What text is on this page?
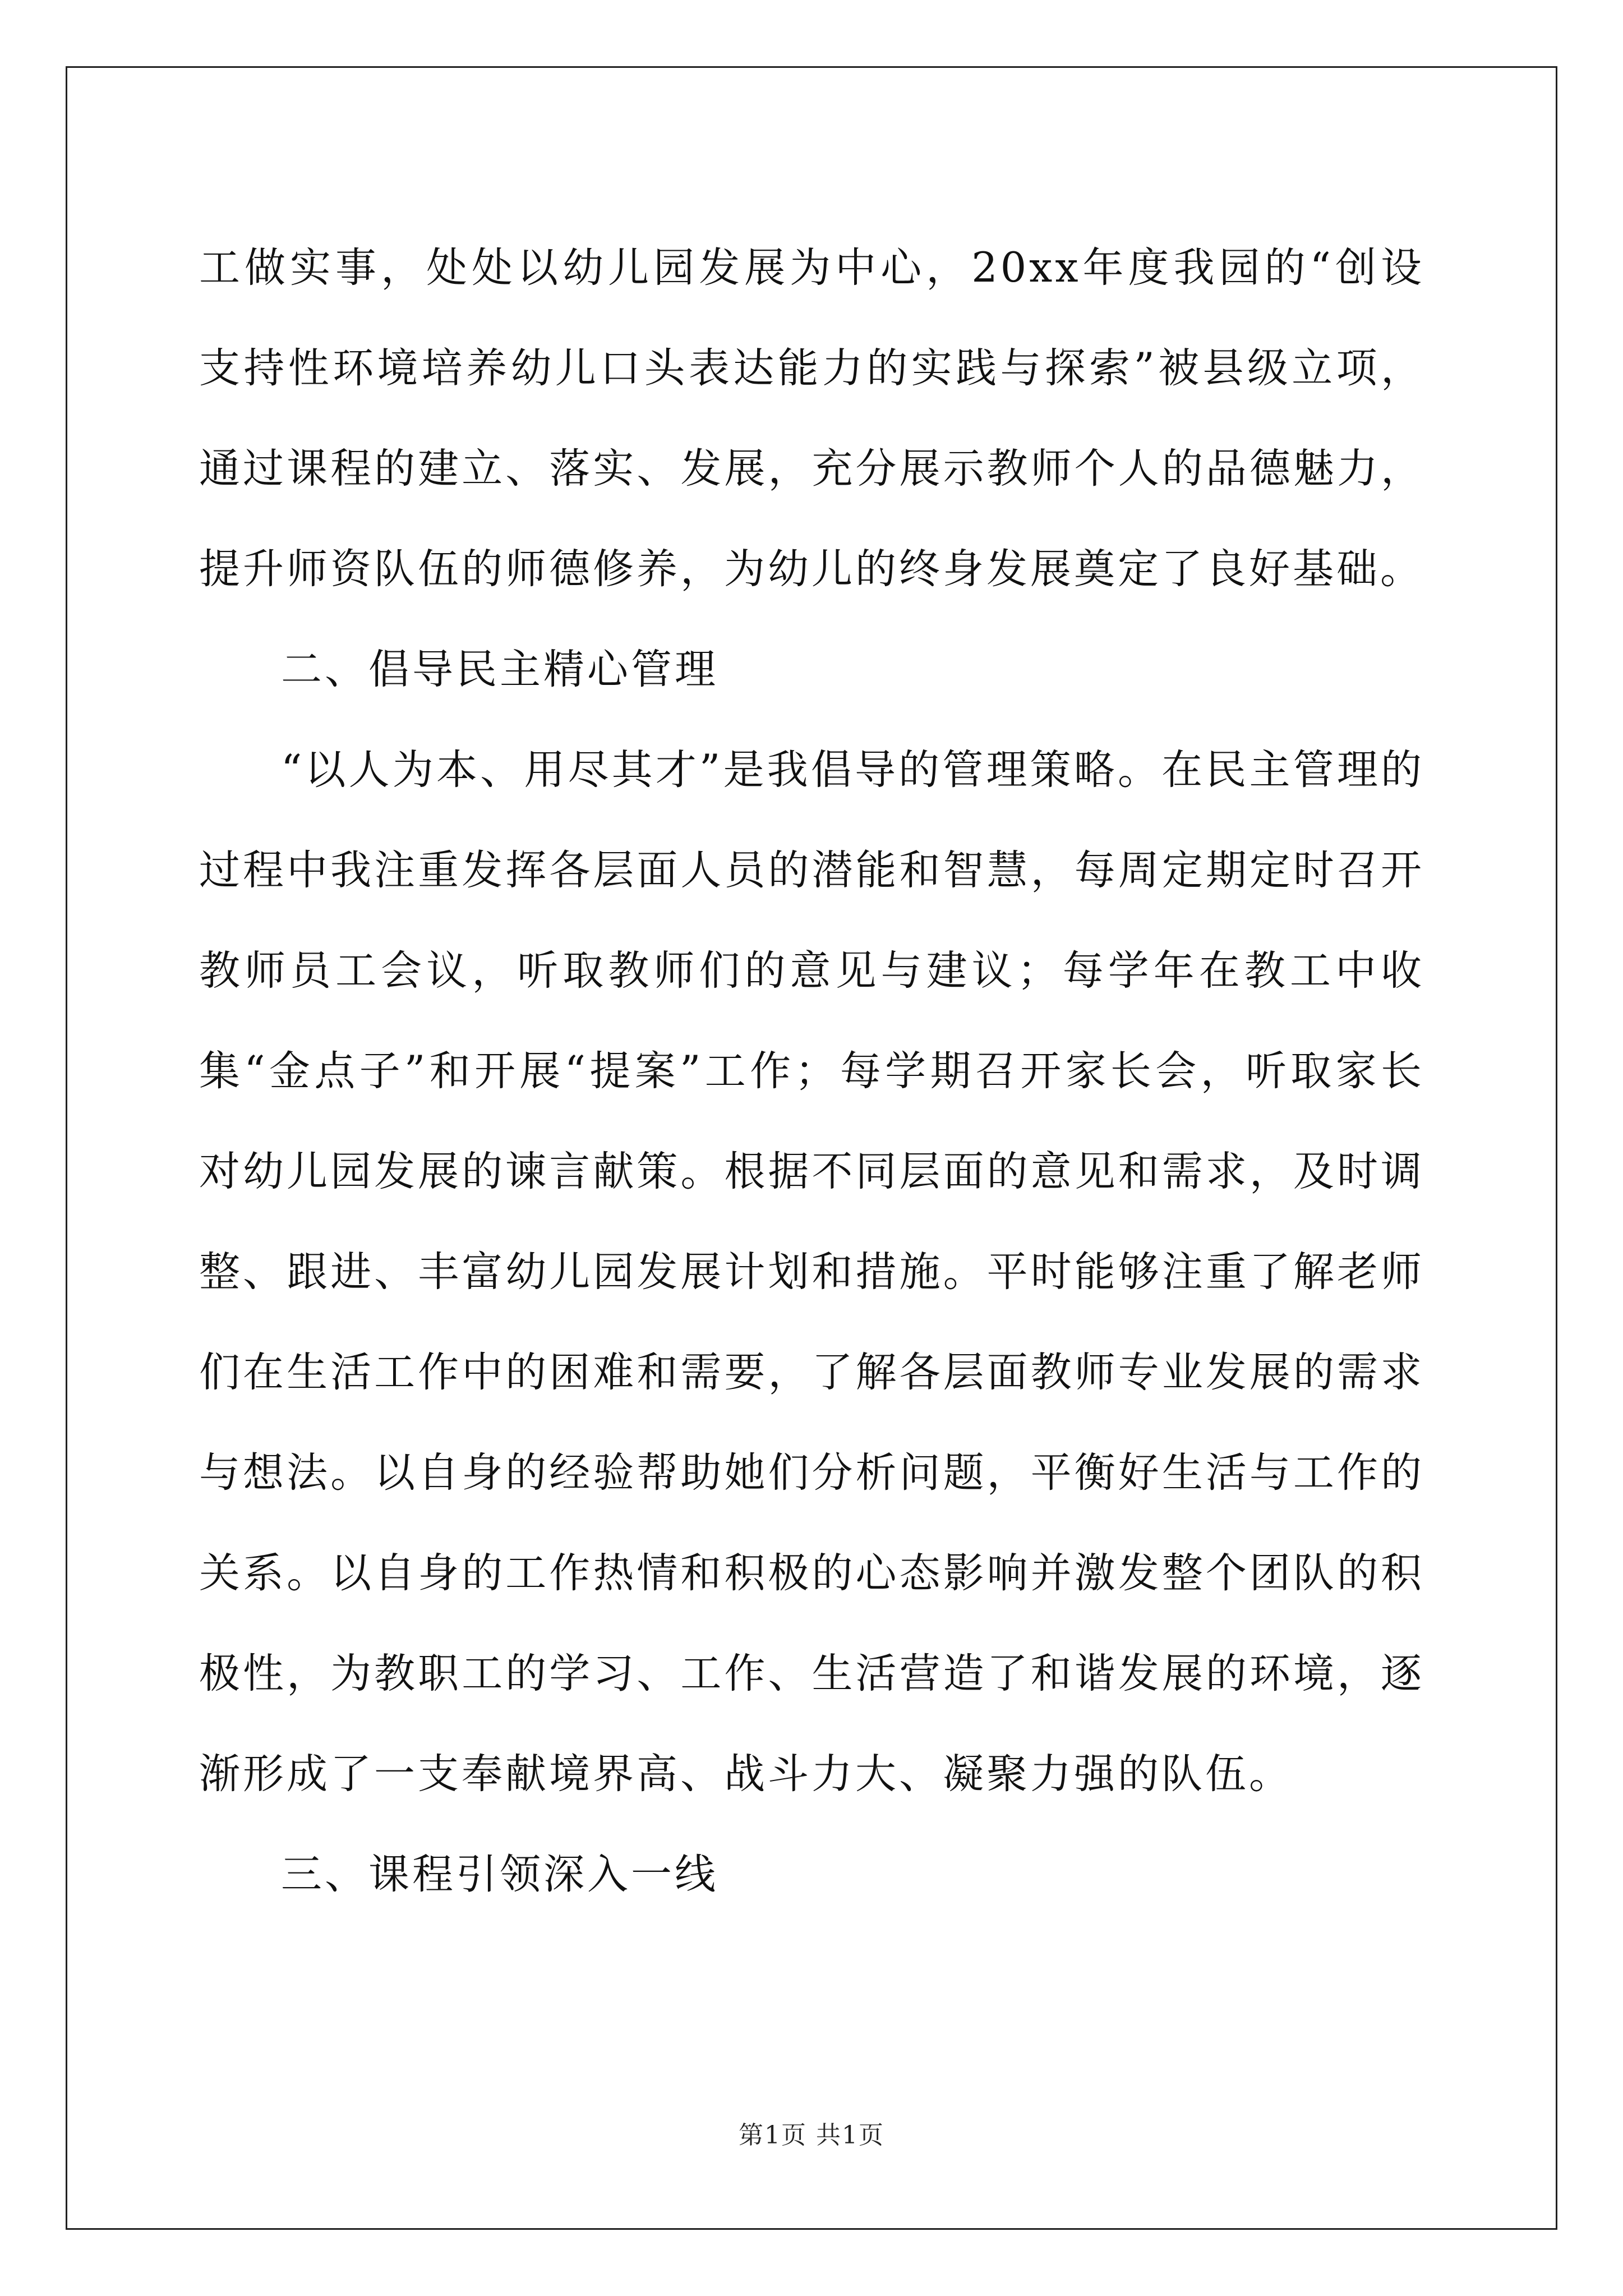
工做实事，处处以幼儿园发展为中心，20xx年度我园的“创设支持性环境培养幼儿口头表达能力的实践与探索”被县级立项，通过课程的建立、落实、发展，充分展示教师个人的品德魅力，提升师资队伍的师德修养，为幼儿的终身发展奠定了良好基础。

二、倡导民主精心管理

“以人为本、用尽其才”是我倡导的管理策略。在民主管理的过程中我注重发挥各层面人员的潜能和智慧，每周定期定时召开教师员工会议，听取教师们的意见与建议；每学年在教工中收集“金点子”和开展“提案”工作；每学期召开家长会，听取家长对幼儿园发展的谏言献策。根据不同层面的意见和需求，及时调整、跟进、丰富幼儿园发展计划和措施。平时能够注重了解老师们在生活工作中的困难和需要，了解各层面教师专业发展的需求与想法。以自身的经验帮助她们分析问题，平衡好生活与工作的关系。以自身的工作热情和积极的心态影响并激发整个团队的积极性，为教职工的学习、工作、生活营造了和谐发展的环境，逐渐形成了一支奉献境界高、战斗力大、凝聚力强的队伍。

三、课程引领深入一线

第1页 共1页
